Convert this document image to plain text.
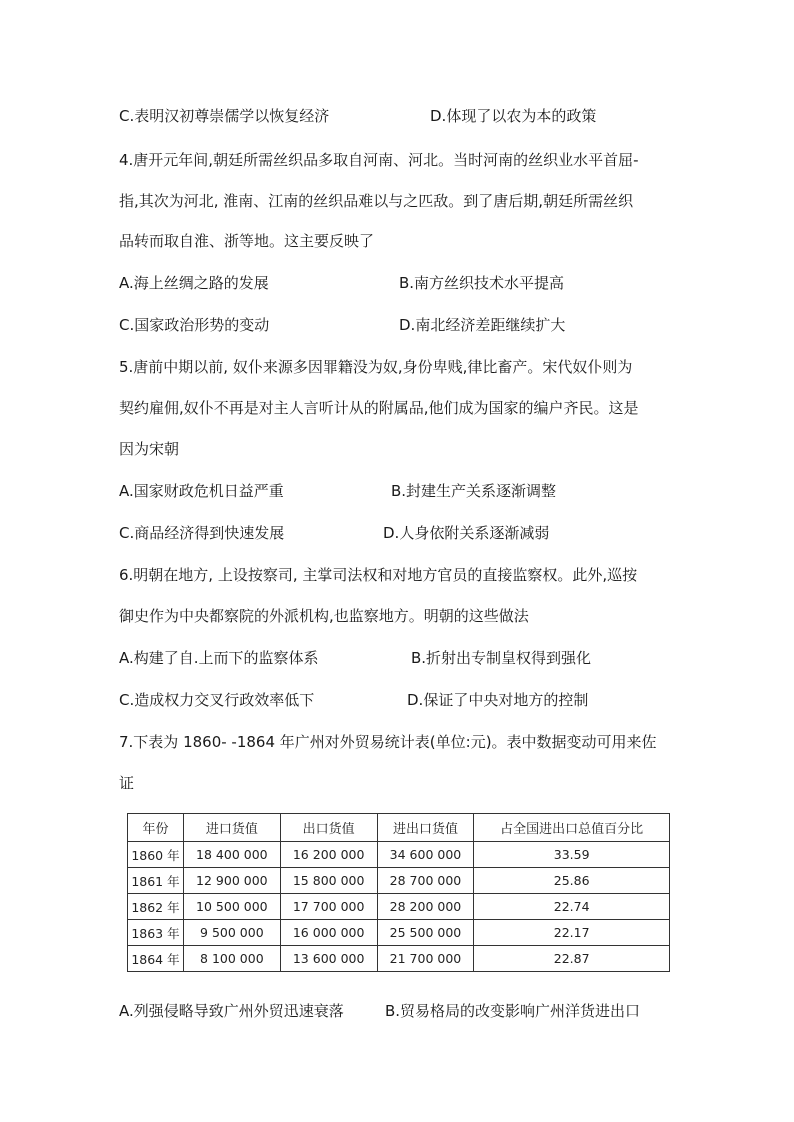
C.表明汉初尊崇儒学以恢复经济	D.体现了以农为本的政策
4.唐开元年间,朝廷所需丝织品多取自河南、河北。当时河南的丝织业水平首屈-
指,其次为河北, 淮南、江南的丝织品难以与之匹敌。到了唐后期,朝廷所需丝织
品转而取自淮、浙等地。这主要反映了
A.海上丝绸之路的发展	B.南方丝织技术水平提高
C.国家政治形势的变动	D.南北经济差距继续扩大
5.唐前中期以前, 奴仆来源多因罪籍没为奴,身份卑贱,律比畜产。宋代奴仆则为
契约雇佣,奴仆不再是对主人言听计从的附属品,他们成为国家的编户齐民。这是
因为宋朝
A.国家财政危机日益严重	B.封建生产关系逐渐调整
C.商品经济得到快速发展	D.人身依附关系逐渐减弱
6.明朝在地方, 上设按察司, 主掌司法权和对地方官员的直接监察权。此外,巡按
御史作为中央都察院的外派机构,也监察地方。明朝的这些做法
A.构建了自.上而下的监察体系	B.折射出专制皇权得到强化
C.造成权力交叉行政效率低下	D.保证了中央对地方的控制
7.下表为 1860- -1864 年广州对外贸易统计表(单位:元)。表中数据变动可用来佐
证
年份	进口货值	出口货值	进出口货值	占全国进出口总值百分比
1860 年	18 400 000	16 200 000	34 600 000	33.59
1861 年	12 900 000	15 800 000	28 700 000	25.86
1862 年	10 500 000	17 700 000	28 200 000	22.74
1863 年	9 500 000	16 000 000	25 500 000	22.17
1864 年	8 100 000	13 600 000	21 700 000	22.87
A.列强侵略导致广州外贸迅速衰落	B.贸易格局的改变影响广州洋货进出口
